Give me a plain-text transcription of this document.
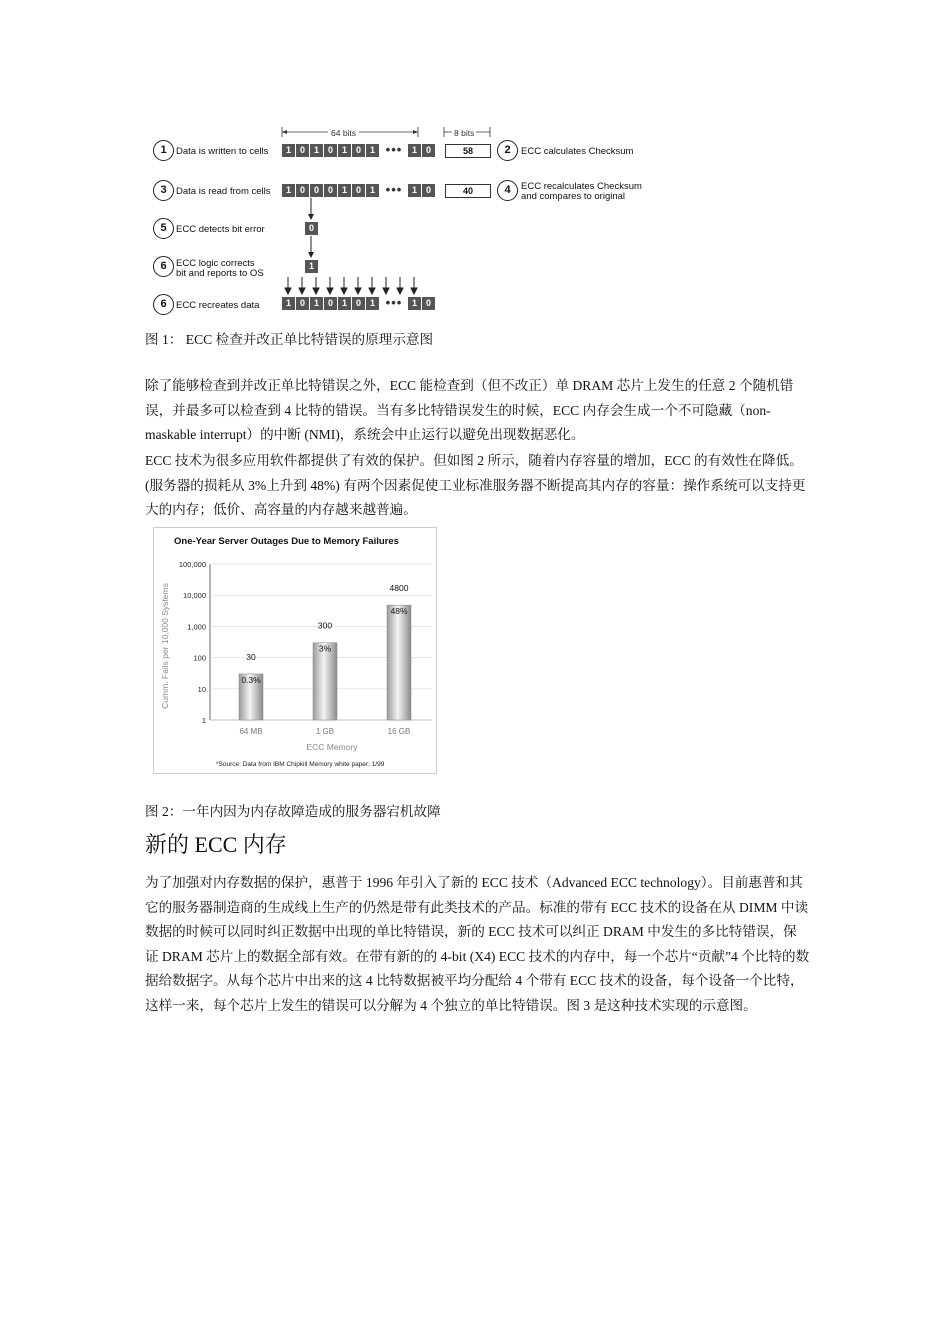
64 bits	8 bits
1 Data is written to cells	1 0 1 0 1 0 1 •••	1 0	58	2	ECC calculates Checksum
3 Data is read from cells	1 0 0 0 1 0 1 •••	1 0	40	4	ECC recalculates Checksum
and compares to original
5 ECC detects bit error	0
6 ECC logic corrects
bit and reports to OS
1
6 ECC recreates data	1 0 1 0 1 0 1 •••	1 0
图 1： ECC 检查并改正单比特错误的原理示意图

除了能够检查到并改正单比特错误之外，ECC 能检查到（但不改正）单 DRAM 芯片上发生的任意 2 个随机错误，并最多可以检查到 4 比特的错误。当有多比特错误发生的时候，ECC 内存会生成一个不可隐藏（non-maskable interrupt）的中断 (NMI)，系统会中止运行以避免出现数据恶化。

ECC 技术为很多应用软件都提供了有效的保护。但如图 2 所示，随着内存容量的增加，ECC 的有效性在降低。(服务器的损耗从 3%上升到 48%) 有两个因素促使工业标准服务器不断提高其内存的容量：操作系统可以支持更大的内存；低价、高容量的内存越来越普遍。

One-Year Server Outages Due to Memory Failures
Cumm. Fails per 10,000 Systems
100,000
10,000
1,000
100
10
1
30
0.3%
300
3%
4800
48%
64 MB	1 GB	16 GB
ECC Memory
*Source: Data from IBM Chipkill Memory white paper; 1/99
图 2：一年内因为内存故障造成的服务器宕机故障
新的 ECC 内存

为了加强对内存数据的保护，惠普于 1996 年引入了新的 ECC 技术（Advanced ECC technology）。目前惠普和其它的服务器制造商的生成线上生产的仍然是带有此类技术的产品。标准的带有 ECC 技术的设备在从 DIMM 中读数据的时候可以同时纠正数据中出现的单比特错误，新的 ECC 技术可以纠正 DRAM 中发生的多比特错误，保证 DRAM 芯片上的数据全部有效。在带有新的的 4-bit (X4) ECC 技术的内存中，每一个芯片“贡献”4 个比特的数据给数据字。从每个芯片中出来的这 4 比特数据被平均分配给 4 个带有 ECC 技术的设备，每个设备一个比特，这样一来，每个芯片上发生的错误可以分解为 4 个独立的单比特错误。图 3 是这种技术实现的示意图。
